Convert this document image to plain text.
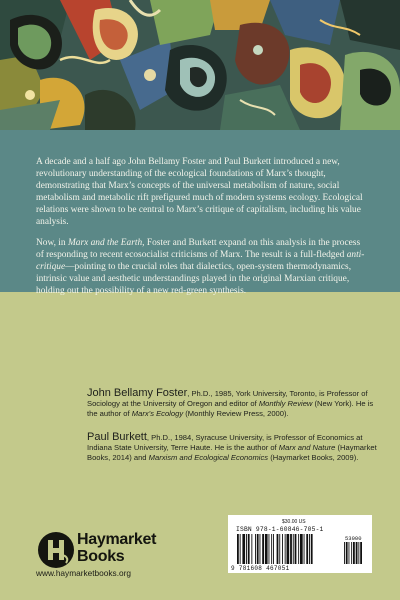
A decade and a half ago John Bellamy Foster and Paul Burkett introduced a new, revolutionary understanding of the ecological foundations of Marx’s thought, demonstrating that Marx’s concepts of the universal metabolism of nature, social metabolism and metabolic rift prefigured much of modern systems ecology. Ecological relations were shown to be central to Marx’s critique of capitalism, including his value analysis.

Now, in Marx and the Earth, Foster and Burkett expand on this analysis in the process of responding to recent ecosocialist criticisms of Marx. The result is a full-fledged anti-critique—pointing to the crucial roles that dialectics, open-system thermodynamics, intrinsic value and aesthetic understandings played in the original Marxian critique, holding out the possibility of a new red-green synthesis.

John Bellamy Foster, Ph.D., 1985, York University, Toronto, is Professor of Sociology at the University of Oregon and editor of Monthly Review (New York). He is the author of Marx’s Ecology (Monthly Review Press, 2000).
Paul Burkett, Ph.D., 1984, Syracuse University, is Professor of Economics at Indiana State University, Terre Haute. He is the author of Marx and Nature (Haymarket Books, 2014) and Marxism and Ecological Economics (Haymarket Books, 2009).
Haymarket
Books
www.haymarketbooks.org
$30.00 US
ISBN 978-1-60846-705-1
53000
9 781608 467051
